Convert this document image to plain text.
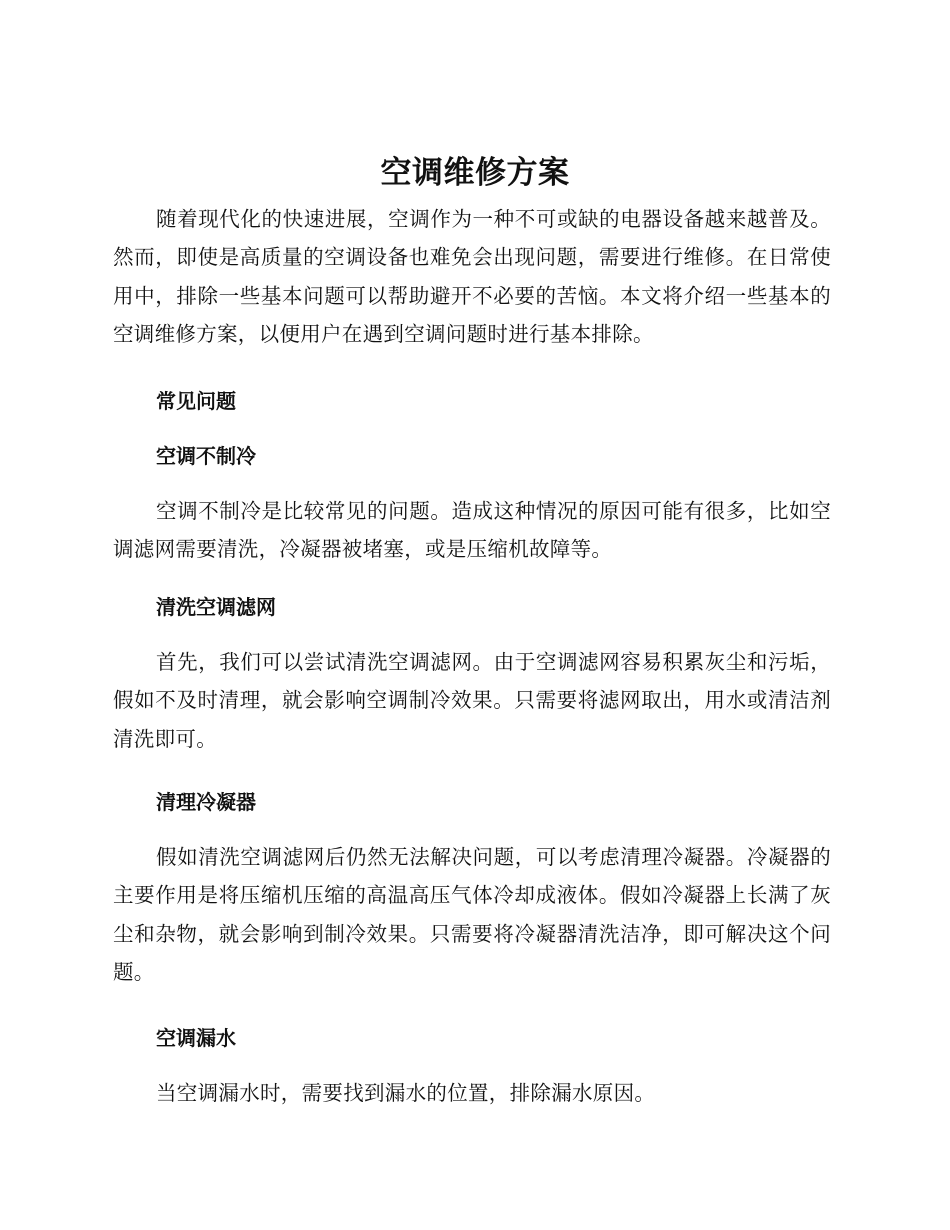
空调维修方案

随着现代化的快速进展，空调作为一种不可或缺的电器设备越来越普及。然而，即使是高质量的空调设备也难免会出现问题，需要进行维修。在日常使用中，排除一些基本问题可以帮助避开不必要的苦恼。本文将介绍一些基本的空调维修方案，以便用户在遇到空调问题时进行基本排除。

常见问题
空调不制冷

空调不制冷是比较常见的问题。造成这种情况的原因可能有很多，比如空调滤网需要清洗，冷凝器被堵塞，或是压缩机故障等。

清洗空调滤网

首先，我们可以尝试清洗空调滤网。由于空调滤网容易积累灰尘和污垢，假如不及时清理，就会影响空调制冷效果。只需要将滤网取出，用水或清洁剂清洗即可。

清理冷凝器

假如清洗空调滤网后仍然无法解决问题，可以考虑清理冷凝器。冷凝器的主要作用是将压缩机压缩的高温高压气体冷却成液体。假如冷凝器上长满了灰尘和杂物，就会影响到制冷效果。只需要将冷凝器清洗洁净，即可解决这个问题。

空调漏水

当空调漏水时，需要找到漏水的位置，排除漏水原因。
